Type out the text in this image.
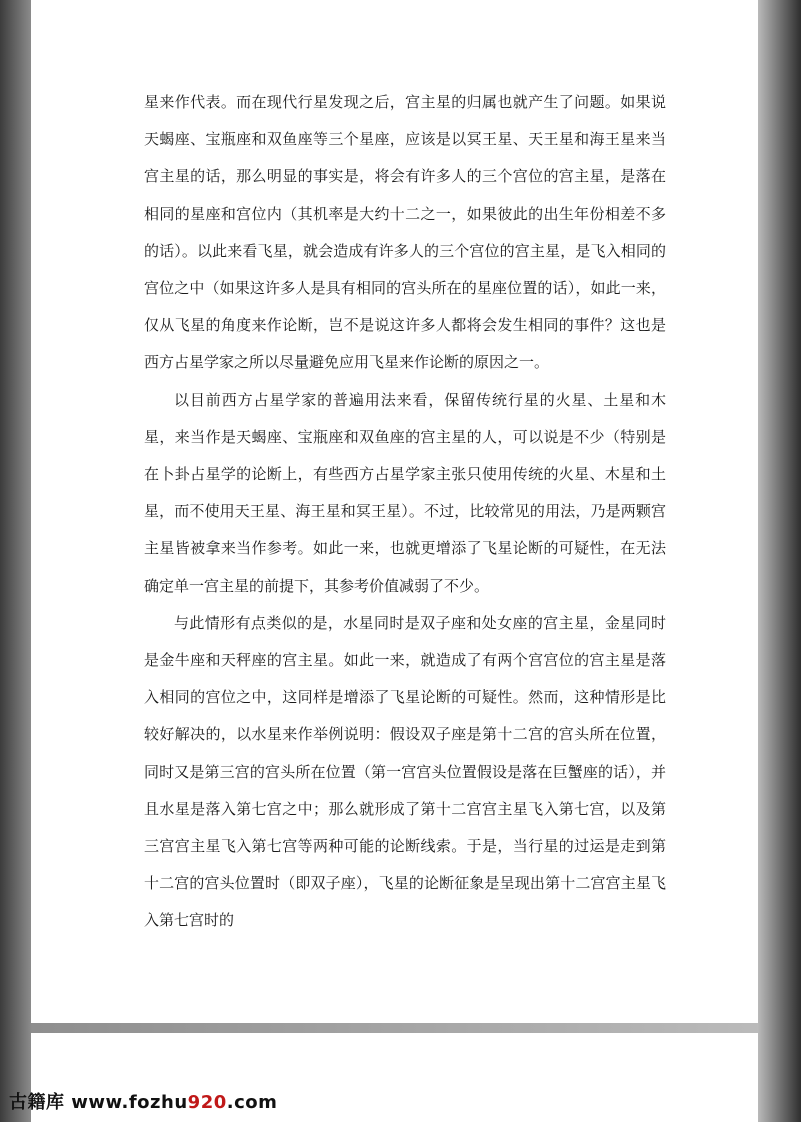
星来作代表。而在现代行星发现之后，宫主星的归属也就产生了问题。如果说天蝎座、宝瓶座和双鱼座等三个星座，应该是以冥王星、天王星和海王星来当宫主星的话，那么明显的事实是，将会有许多人的三个宫位的宫主星，是落在相同的星座和宫位内（其机率是大约十二之一，如果彼此的出生年份相差不多的话）。以此来看飞星，就会造成有许多人的三个宫位的宫主星，是飞入相同的宫位之中（如果这许多人是具有相同的宫头所在的星座位置的话），如此一来，仅从飞星的角度来作论断，岂不是说这许多人都将会发生相同的事件？这也是西方占星学家之所以尽量避免应用飞星来作论断的原因之一。

以目前西方占星学家的普遍用法来看，保留传统行星的火星、土星和木星，来当作是天蝎座、宝瓶座和双鱼座的宫主星的人，可以说是不少（特别是在卜卦占星学的论断上，有些西方占星学家主张只使用传统的火星、木星和土星，而不使用天王星、海王星和冥王星）。不过，比较常见的用法，乃是两颗宫主星皆被拿来当作参考。如此一来，也就更增添了飞星论断的可疑性，在无法确定单一宫主星的前提下，其参考价值减弱了不少。

与此情形有点类似的是，水星同时是双子座和处女座的宫主星，金星同时是金牛座和天秤座的宫主星。如此一来，就造成了有两个宫宫位的宫主星是落入相同的宫位之中，这同样是增添了飞星论断的可疑性。然而，这种情形是比较好解决的，以水星来作举例说明：假设双子座是第十二宫的宫头所在位置，同时又是第三宫的宫头所在位置（第一宫宫头位置假设是落在巨蟹座的话），并且水星是落入第七宫之中；那么就形成了第十二宫宫主星飞入第七宫，以及第三宫宫主星飞入第七宫等两种可能的论断线索。于是，当行星的过运是走到第十二宫的宫头位置时（即双子座），飞星的论断征象是呈现出第十二宫宫主星飞入第七宫时的

古籍库 www.fozhu920.com
